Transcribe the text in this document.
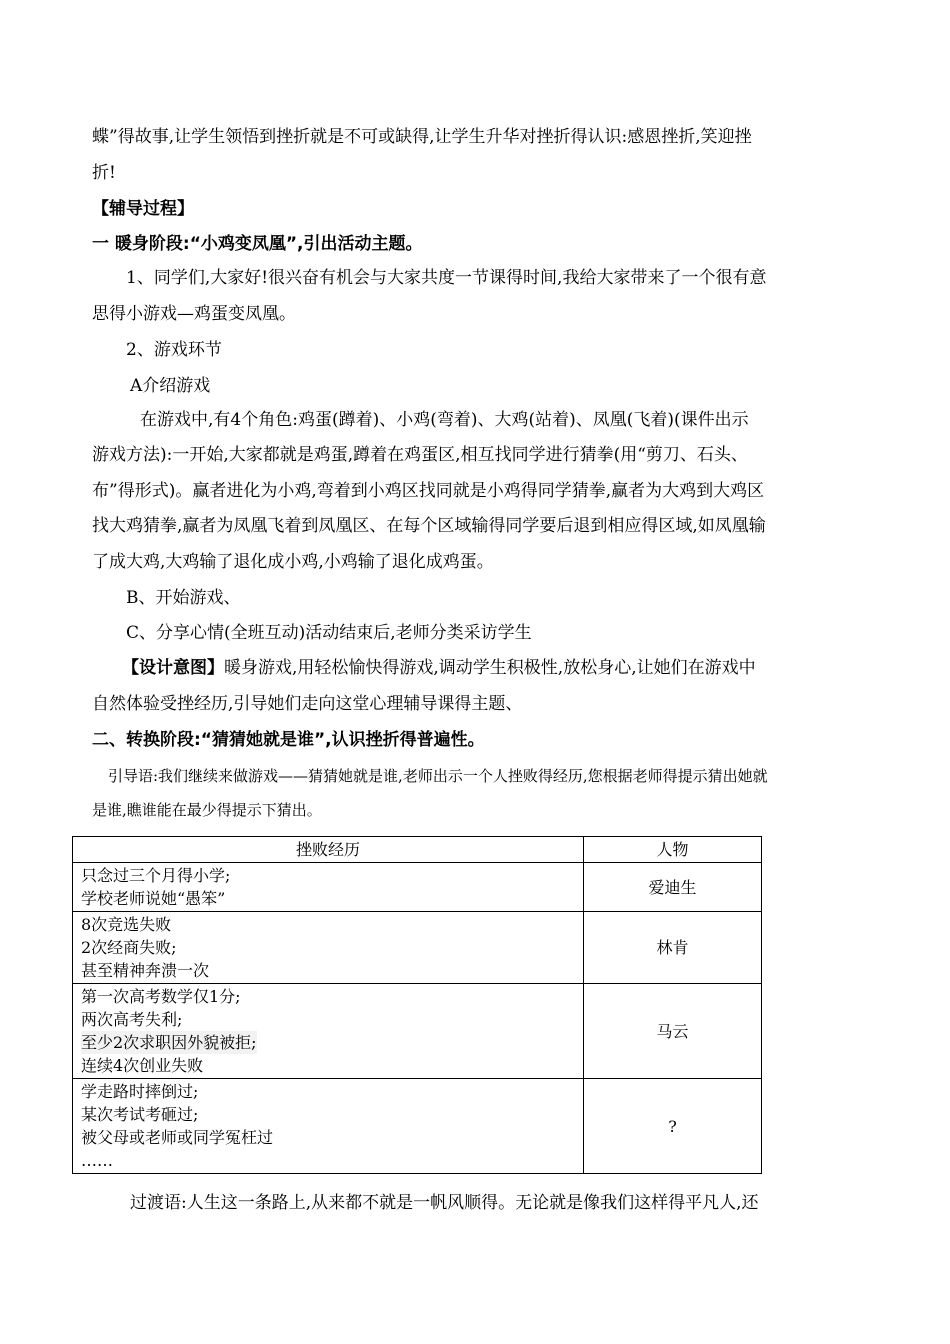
蝶”得故事,让学生领悟到挫折就是不可或缺得,让学生升华对挫折得认识:感恩挫折,笑迎挫
折!
【辅导过程】
一 暖身阶段:“小鸡变凤凰”,引出活动主题。
1、同学们,大家好!很兴奋有机会与大家共度一节课得时间,我给大家带来了一个很有意
思得小游戏—鸡蛋变凤凰。
2、游戏环节
A介绍游戏
在游戏中,有4个角色:鸡蛋(蹲着)、小鸡(弯着)、大鸡(站着)、凤凰(飞着)(课件出示
游戏方法):一开始,大家都就是鸡蛋,蹲着在鸡蛋区,相互找同学进行猜拳(用“剪刀、石头、
布”得形式)。赢者进化为小鸡,弯着到小鸡区找同就是小鸡得同学猜拳,赢者为大鸡到大鸡区
找大鸡猜拳,赢者为凤凰飞着到凤凰区、在每个区域输得同学要后退到相应得区域,如凤凰输
了成大鸡,大鸡输了退化成小鸡,小鸡输了退化成鸡蛋。
B、开始游戏、
C、分享心情(全班互动)活动结束后,老师分类采访学生
【设计意图】暖身游戏,用轻松愉快得游戏,调动学生积极性,放松身心,让她们在游戏中
自然体验受挫经历,引导她们走向这堂心理辅导课得主题、
二、转换阶段:“猜猜她就是谁”,认识挫折得普遍性。
引导语:我们继续来做游戏——猜猜她就是谁,老师出示一个人挫败得经历,您根据老师得提示猜出她就
是谁,瞧谁能在最少得提示下猜出。
挫败经历	人物

只念过三个月得小学;
学校老师说她“愚笨”	爱迪生

8次竞选失败
2次经商失败;
甚至精神奔溃一次	林肯

第一次高考数学仅1分;
两次高考失利;
至少2次求职因外貌被拒;
连续4次创业失败	马云

学走路时摔倒过;
某次考试考砸过;
被父母或老师或同学冤枉过
……	?
过渡语:人生这一条路上,从来都不就是一帆风顺得。无论就是像我们这样得平凡人,还
